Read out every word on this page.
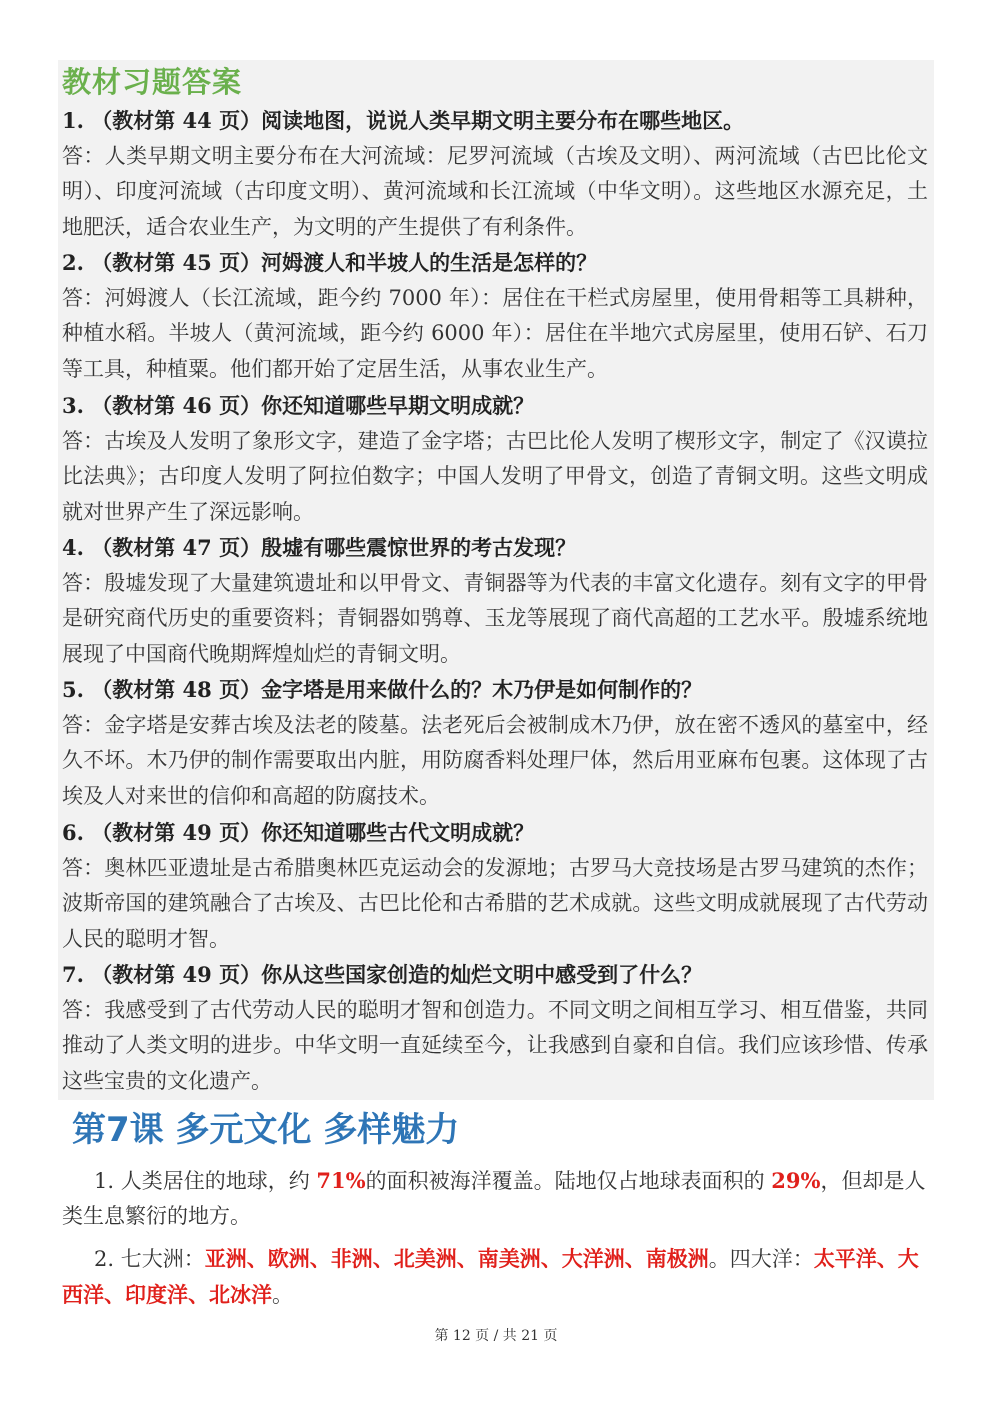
教材习题答案
1. （教材第 44 页）阅读地图，说说人类早期文明主要分布在哪些地区。
答：人类早期文明主要分布在大河流域：尼罗河流域（古埃及文明）、两河流域（古巴比伦文明）、印度河流域（古印度文明）、黄河流域和长江流域（中华文明）。这些地区水源充足，土地肥沃，适合农业生产，为文明的产生提供了有利条件。
2. （教材第 45 页）河姆渡人和半坡人的生活是怎样的？
答：河姆渡人（长江流域，距今约 7000 年）：居住在干栏式房屋里，使用骨耜等工具耕种，种植水稻。半坡人（黄河流域，距今约 6000 年）：居住在半地穴式房屋里，使用石铲、石刀等工具，种植粟。他们都开始了定居生活，从事农业生产。
3. （教材第 46 页）你还知道哪些早期文明成就？
答：古埃及人发明了象形文字，建造了金字塔；古巴比伦人发明了楔形文字，制定了《汉谟拉比法典》；古印度人发明了阿拉伯数字；中国人发明了甲骨文，创造了青铜文明。这些文明成就对世界产生了深远影响。
4. （教材第 47 页）殷墟有哪些震惊世界的考古发现？
答：殷墟发现了大量建筑遗址和以甲骨文、青铜器等为代表的丰富文化遗存。刻有文字的甲骨是研究商代历史的重要资料；青铜器如鸮尊、玉龙等展现了商代高超的工艺水平。殷墟系统地展现了中国商代晚期辉煌灿烂的青铜文明。
5. （教材第 48 页）金字塔是用来做什么的？木乃伊是如何制作的？
答：金字塔是安葬古埃及法老的陵墓。法老死后会被制成木乃伊，放在密不透风的墓室中，经久不坏。木乃伊的制作需要取出内脏，用防腐香料处理尸体，然后用亚麻布包裹。这体现了古埃及人对来世的信仰和高超的防腐技术。
6. （教材第 49 页）你还知道哪些古代文明成就？
答：奥林匹亚遗址是古希腊奥林匹克运动会的发源地；古罗马大竞技场是古罗马建筑的杰作；波斯帝国的建筑融合了古埃及、古巴比伦和古希腊的艺术成就。这些文明成就展现了古代劳动人民的聪明才智。
7. （教材第 49 页）你从这些国家创造的灿烂文明中感受到了什么？
答：我感受到了古代劳动人民的聪明才智和创造力。不同文明之间相互学习、相互借鉴，共同推动了人类文明的进步。中华文明一直延续至今，让我感到自豪和自信。我们应该珍惜、传承这些宝贵的文化遗产。
第7课 多元文化 多样魅力
1. 人类居住的地球，约 71%的面积被海洋覆盖。陆地仅占地球表面积的 29%，但却是人类生息繁衍的地方。
2. 七大洲：亚洲、欧洲、非洲、北美洲、南美洲、大洋洲、南极洲。四大洋：太平洋、大西洋、印度洋、北冰洋。
第 12 页 / 共 21 页
